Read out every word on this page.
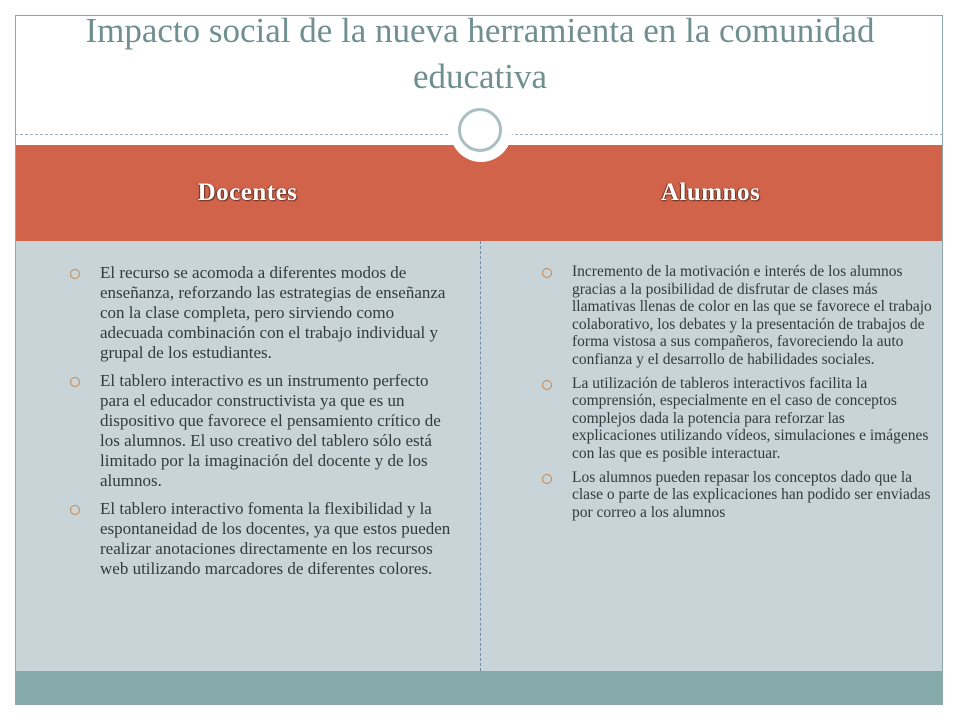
Impacto social de la nueva herramienta en la comunidad educativa
Docentes	Alumnos
El recurso se acomoda a diferentes modos de enseñanza, reforzando las estrategias de enseñanza con la clase completa, pero sirviendo como adecuada combinación con el trabajo individual y grupal de los estudiantes.
El tablero interactivo es un instrumento perfecto para el educador constructivista ya que es un dispositivo que favorece el pensamiento crítico de los alumnos. El uso creativo del tablero sólo está limitado por la imaginación del docente y de los alumnos.
El tablero interactivo fomenta la flexibilidad y la espontaneidad de los docentes, ya que estos pueden realizar anotaciones directamente en los recursos web utilizando marcadores de diferentes colores.
Incremento de la motivación e interés de los alumnos gracias a la posibilidad de disfrutar de clases más llamativas llenas de color en las que se favorece el trabajo colaborativo, los debates y la presentación de trabajos de forma vistosa a sus compañeros, favoreciendo la auto confianza y el desarrollo de habilidades sociales.
La utilización de tableros interactivos facilita la comprensión, especialmente en el caso de conceptos complejos dada la potencia para reforzar las explicaciones utilizando vídeos, simulaciones e imágenes con las que es posible interactuar.
Los alumnos pueden repasar los conceptos dado que la clase o parte de las explicaciones han podido ser enviadas por correo a los alumnos
